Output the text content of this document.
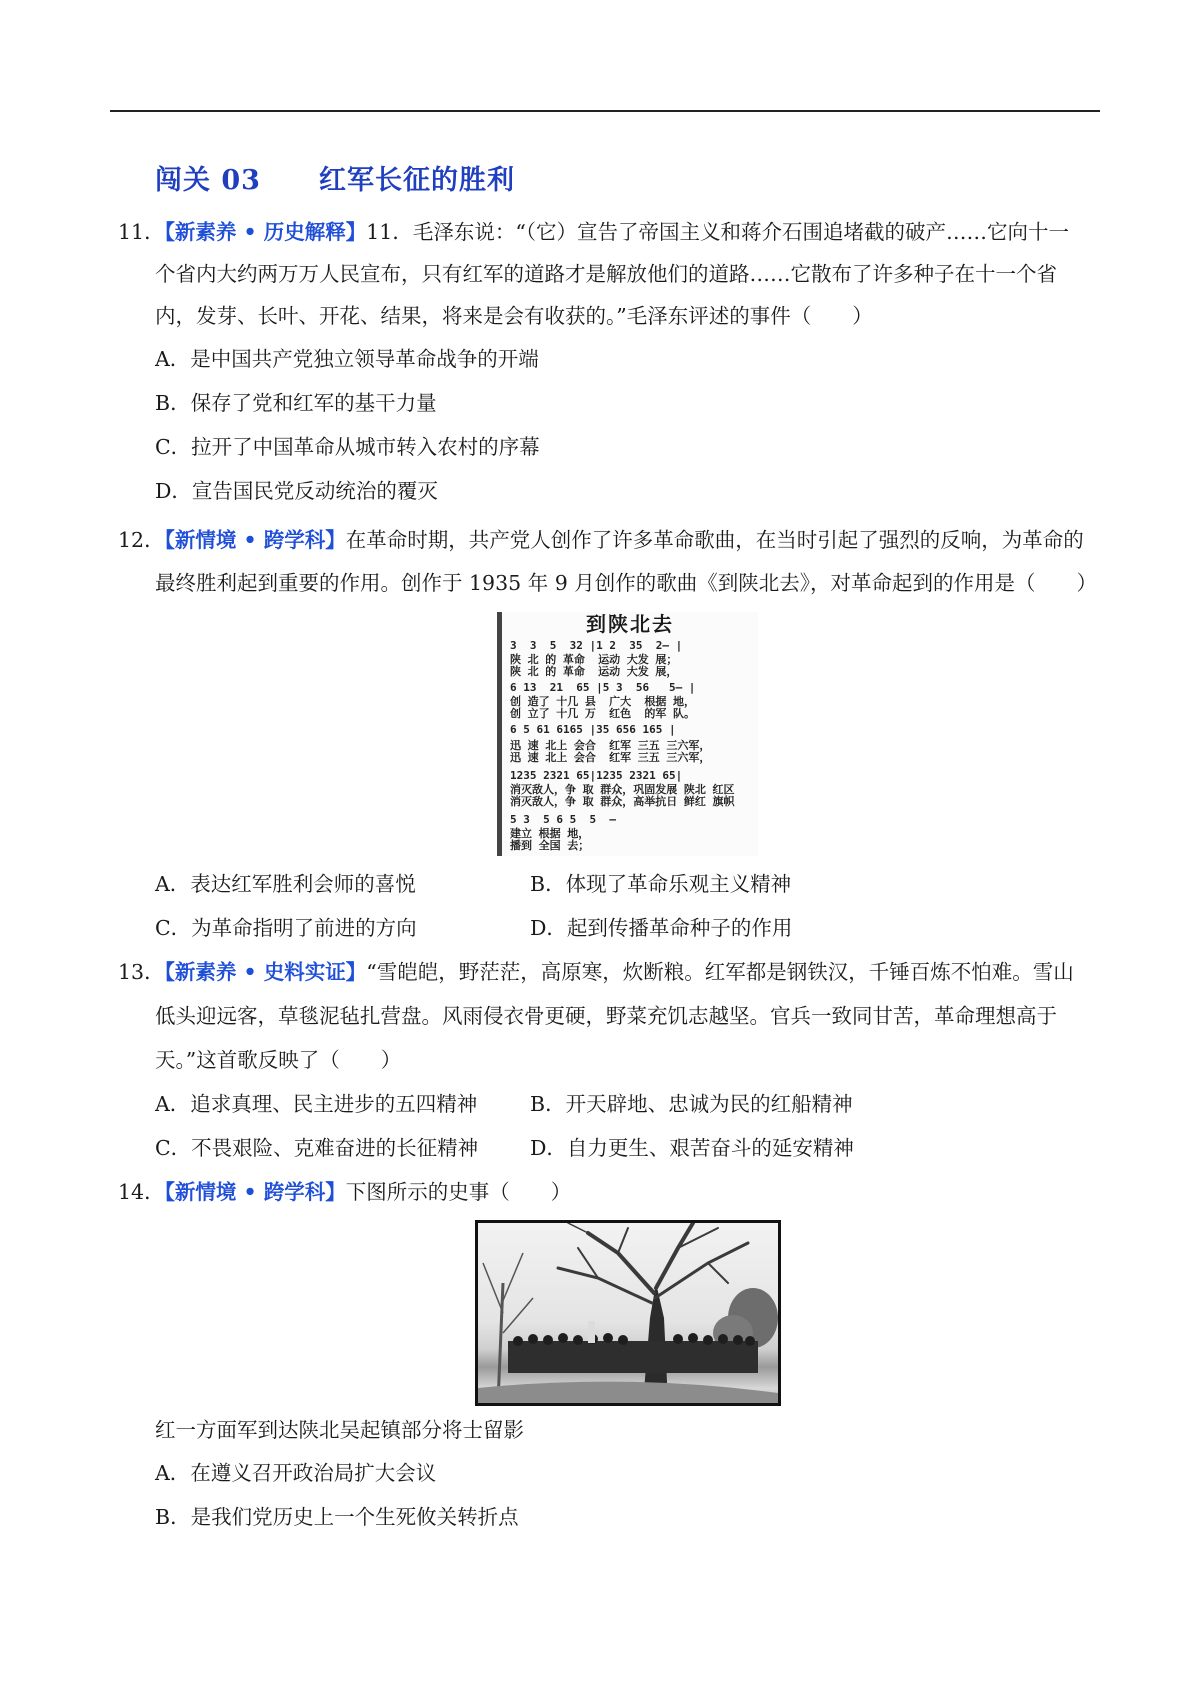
闯关 03 红军长征的胜利
11．【新素养 • 历史解释】11．毛泽东说：“（它）宣告了帝国主义和蒋介石围追堵截的破产……它向十一
个省内大约两万万人民宣布，只有红军的道路才是解放他们的道路……它散布了许多种子在十一个省
内，发芽、长叶、开花、结果，将来是会有收获的。”毛泽东评述的事件（　　）
A．是中国共产党独立领导革命战争的开端
B．保存了党和红军的基干力量
C．拉开了中国革命从城市转入农村的序幕
D．宣告国民党反动统治的覆灭
12．【新情境 • 跨学科】在革命时期，共产党人创作了许多革命歌曲，在当时引起了强烈的反响，为革命的
最终胜利起到重要的作用。创作于 1935 年 9 月创作的歌曲《到陕北去》，对革命起到的作用是（　　）
到陕北去
3  3  5  32 |1 2  35  2— |
陕 北 的 革命  运动 大发 展；
陕 北 的 革命  运动 大发 展，
6 13  21  65 |5 3  56   5— |
创 造了 十几 县  广大  根据 地，
创 立了 十几 万  红色  的军 队。
6 5 61 6165 |35 656 165 |
迅 速 北上 会合  红军 三五 三六军，
迅 速 北上 会合  红军 三五 三六军，
1235 2321 65|1235 2321 65|
消灭敌人，争 取 群众，巩固发展 陕北 红区
消灭敌人，争 取 群众，高举抗日 鲜红 旗帜
5 3  5 6 5  5  —
建立 根据 地，
播到 全国 去；
A．表达红军胜利会师的喜悦	B．体现了革命乐观主义精神
C．为革命指明了前进的方向	D．起到传播革命种子的作用
13．【新素养 • 史料实证】“雪皑皑，野茫茫，高原寒，炊断粮。红军都是钢铁汉，千锤百炼不怕难。雪山
低头迎远客，草毯泥毡扎营盘。风雨侵衣骨更硬，野菜充饥志越坚。官兵一致同甘苦，革命理想高于
天。”这首歌反映了（　　）
A．追求真理、民主进步的五四精神	B．开天辟地、忠诚为民的红船精神
C．不畏艰险、克难奋进的长征精神	D．自力更生、艰苦奋斗的延安精神
14．【新情境 • 跨学科】下图所示的史事（　　）
红一方面军到达陕北吴起镇部分将士留影
A．在遵义召开政治局扩大会议
B．是我们党历史上一个生死攸关转折点
